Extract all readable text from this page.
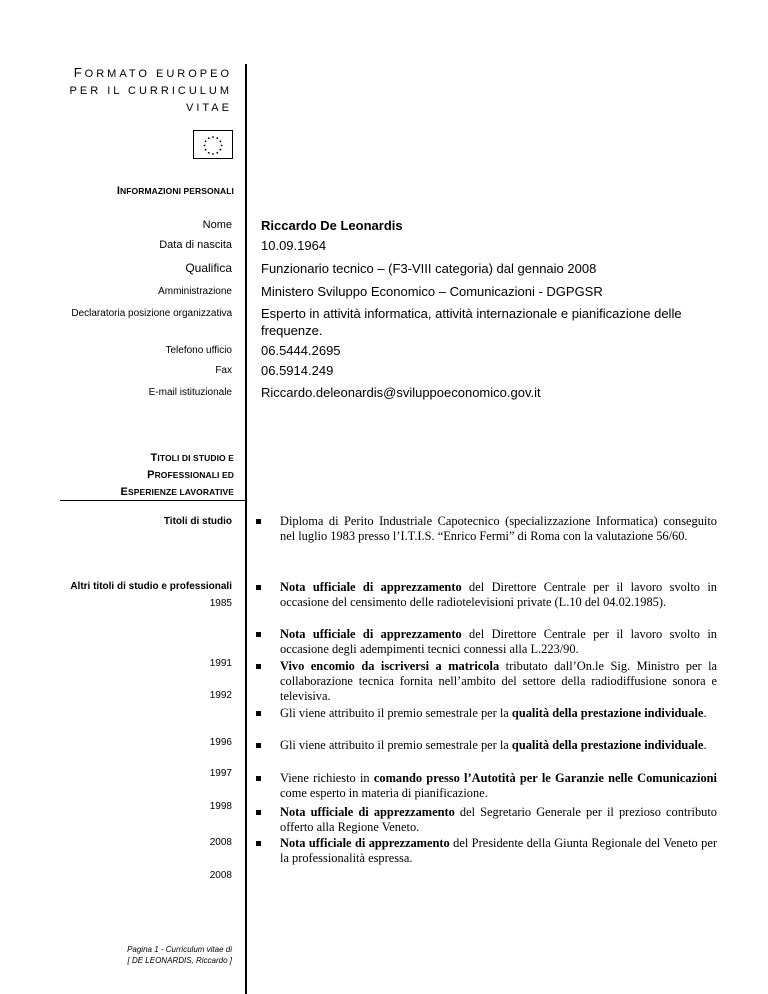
FORMATO EUROPEO
PER IL CURRICULUM
VITAE
INFORMAZIONI PERSONALI
Nome Riccardo De Leonardis
Data di nascita 10.09.1964
Qualifica Funzionario tecnico – (F3-VIII categoria) dal gennaio 2008
Amministrazione Ministero Sviluppo Economico – Comunicazioni - DGPGSR
Declaratoria posizione organizzativa Esperto in attività informatica, attività internazionale e pianificazione delle frequenze.
Telefono ufficio 06.5444.2695
Fax 06.5914.249
E-mail istituzionale Riccardo.deleonardis@sviluppoeconomico.gov.it
TITOLI DI STUDIO E
PROFESSIONALI ED
ESPERIENZE LAVORATIVE
Titoli di studio	Diploma di Perito Industriale Capotecnico (specializzazione Informatica) conseguito nel luglio 1983 presso l’I.T.I.S. “Enrico Fermi” di Roma con la valutazione 56/60.
Altri titoli di studio e professionali
1985
1991
1992
1996
1997
1998
2008
2008
Nota ufficiale di apprezzamento del Direttore Centrale per il lavoro svolto in occasione del censimento delle radiotelevisioni private (L.10 del 04.02.1985).
Nota ufficiale di apprezzamento del Direttore Centrale per il lavoro svolto in occasione degli adempimenti tecnici connessi alla L.223/90.
Vivo encomio da iscriversi a matricola tributato dall’On.le Sig. Ministro per la collaborazione tecnica fornita nell’ambito del settore della radiodiffusione sonora e televisiva.
Gli viene attribuito il premio semestrale per la qualità della prestazione individuale.
Gli viene attribuito il premio semestrale per la qualità della prestazione individuale.
Viene richiesto in comando presso l’Autotità per le Garanzie nelle Comunicazioni come esperto in materia di pianificazione.
Nota ufficiale di apprezzamento del Segretario Generale per il prezioso contributo offerto alla Regione Veneto.
Nota ufficiale di apprezzamento del Presidente della Giunta Regionale del Veneto per la professionalità espressa.
Pagina 1 - Curriculum vitae di
[ DE LEONARDIS, Riccardo ]
